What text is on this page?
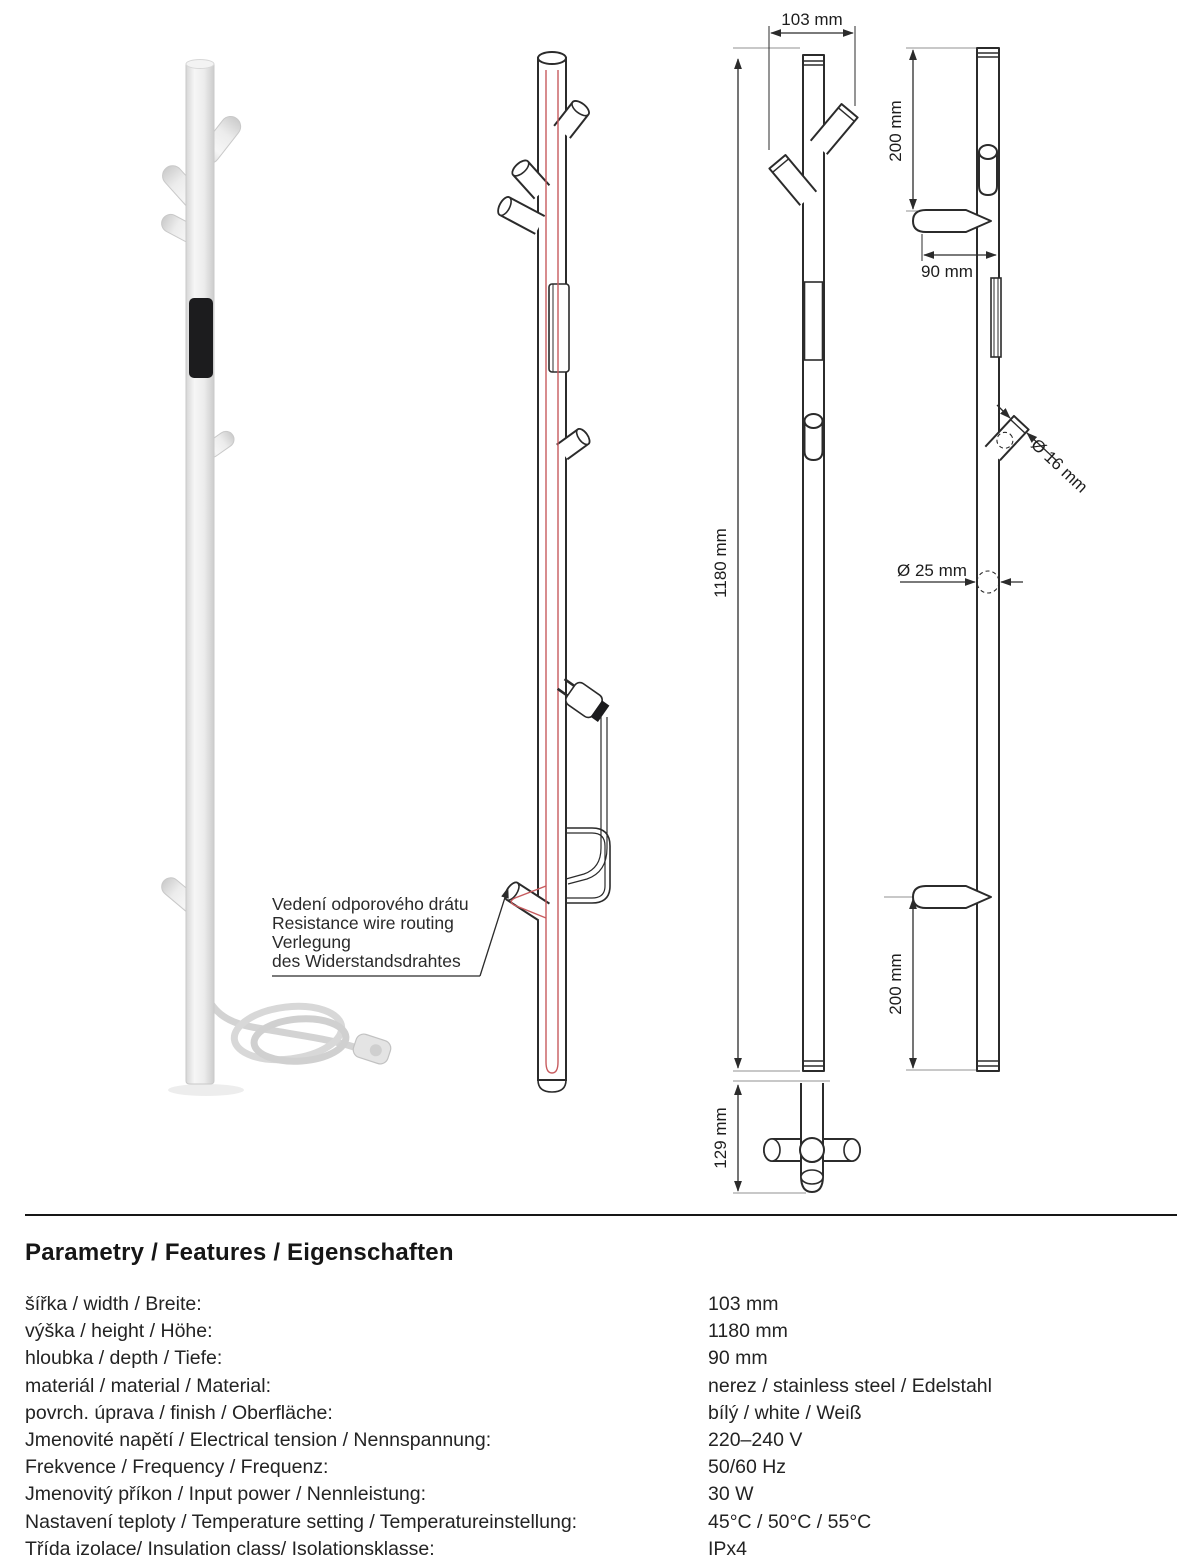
Vedení odporového drátu
Resistance wire routing
Verlegung
des Widerstandsdrahtes
103 mm
1180 mm
129 mm
200 mm
90 mm
Ø 16 mm
Ø 25 mm
200 mm
Parametry / Features / Eigenschaften
šířka / width / Breite:	103 mm
výška / height / Höhe:	1180 mm
hloubka / depth / Tiefe:	90 mm
materiál / material / Material:	nerez / stainless steel / Edelstahl
povrch. úprava / finish / Oberfläche:	bílý / white / Weiß
Jmenovité napětí / Electrical tension / Nennspannung:	220–240 V
Frekvence / Frequency / Frequenz:	50/60 Hz
Jmenovitý příkon / Input power / Nennleistung:	30 W
Nastavení teploty / Temperature setting / Temperatureinstellung:	45°C / 50°C / 55°C
Třída izolace/ Insulation class/ Isolationsklasse:	IPx4
